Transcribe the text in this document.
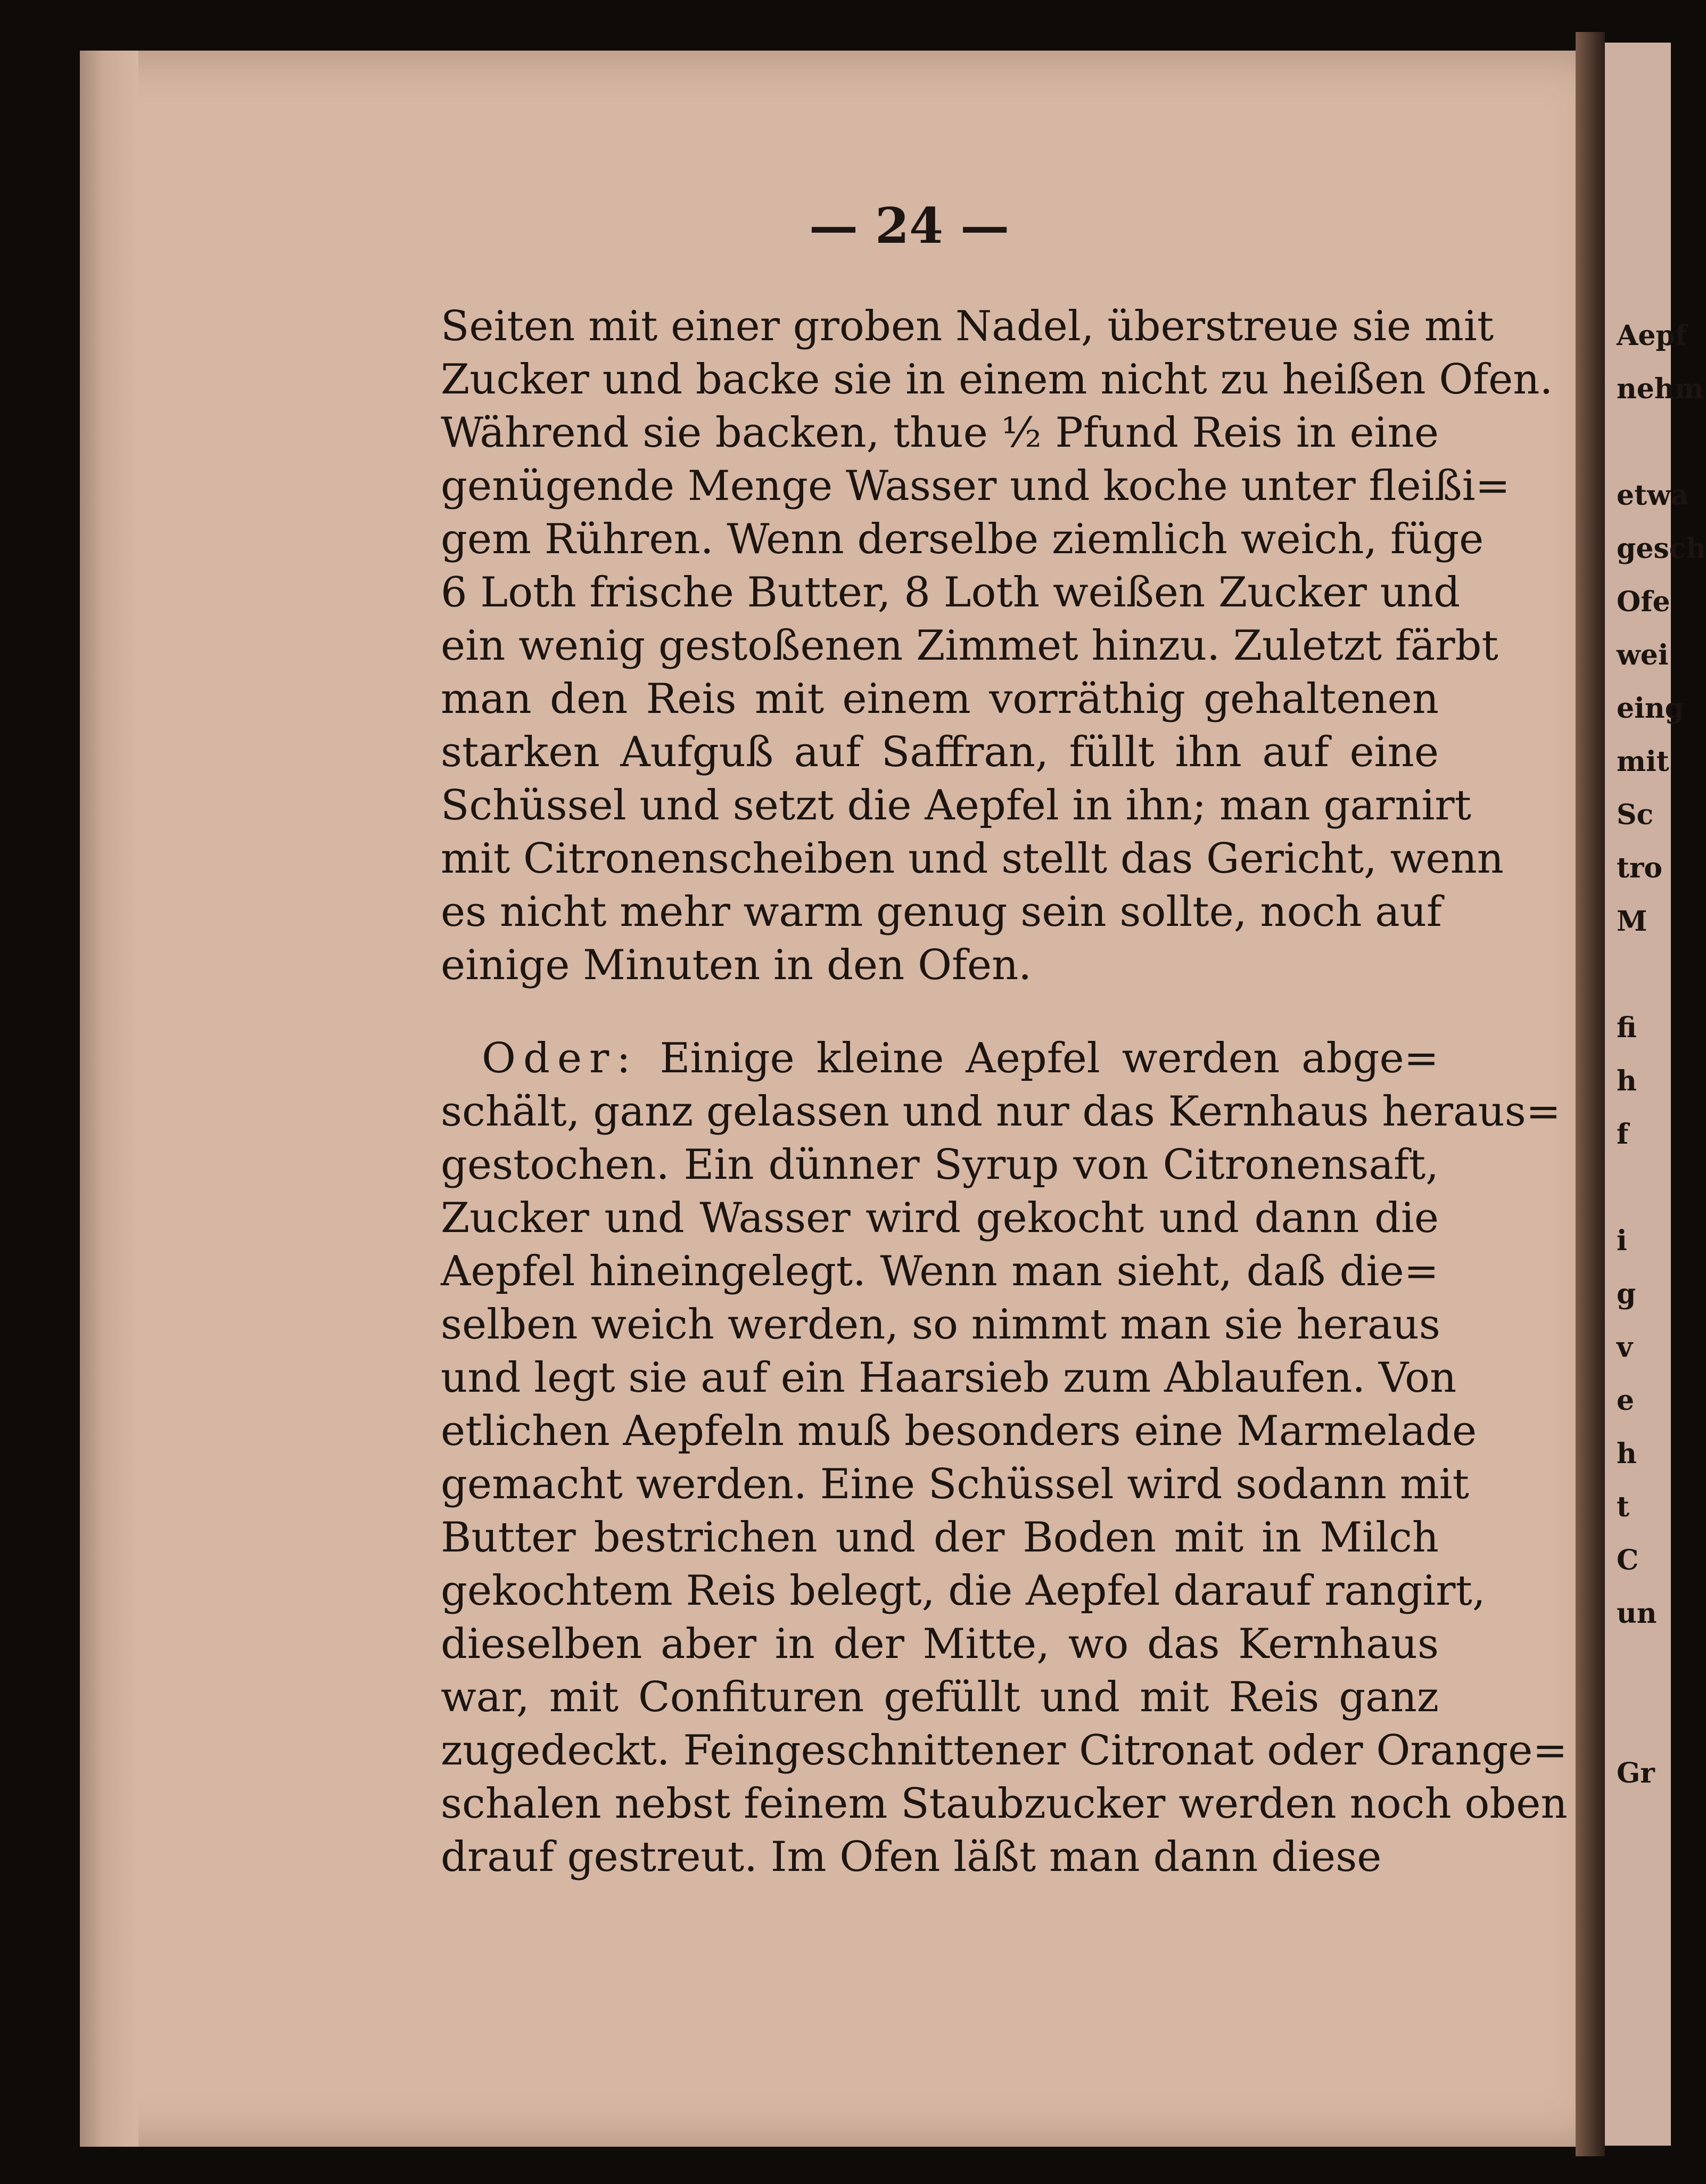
Aepf
nehm
etwa
gesch
Ofe
wei
eing
mit
Sc
tro
M
fi
h
f
i
g
v
e
h
t
C
un
Gr
— 24 —
Seiten mit einer groben Nadel, überstreue sie mit
Zucker und backe sie in einem nicht zu heißen Ofen.
Während sie backen, thue ½ Pfund Reis in eine
genügende Menge Wasser und koche unter fleißi=
gem Rühren. Wenn derselbe ziemlich weich, füge
6 Loth frische Butter, 8 Loth weißen Zucker und
ein wenig gestoßenen Zimmet hinzu. Zuletzt färbt
man den Reis mit einem vorräthig gehaltenen
starken Aufguß auf Saffran, füllt ihn auf eine
Schüssel und setzt die Aepfel in ihn; man garnirt
mit Citronenscheiben und stellt das Gericht, wenn
es nicht mehr warm genug sein sollte, noch auf
einige Minuten in den Ofen.
Oder: Einige kleine Aepfel werden abge=
schält, ganz gelassen und nur das Kernhaus heraus=
gestochen. Ein dünner Syrup von Citronensaft,
Zucker und Wasser wird gekocht und dann die
Aepfel hineingelegt. Wenn man sieht, daß die=
selben weich werden, so nimmt man sie heraus
und legt sie auf ein Haarsieb zum Ablaufen. Von
etlichen Aepfeln muß besonders eine Marmelade
gemacht werden. Eine Schüssel wird sodann mit
Butter bestrichen und der Boden mit in Milch
gekochtem Reis belegt, die Aepfel darauf rangirt,
dieselben aber in der Mitte, wo das Kernhaus
war, mit Confituren gefüllt und mit Reis ganz
zugedeckt. Feingeschnittener Citronat oder Orange=
schalen nebst feinem Staubzucker werden noch oben
drauf gestreut. Im Ofen läßt man dann diese
